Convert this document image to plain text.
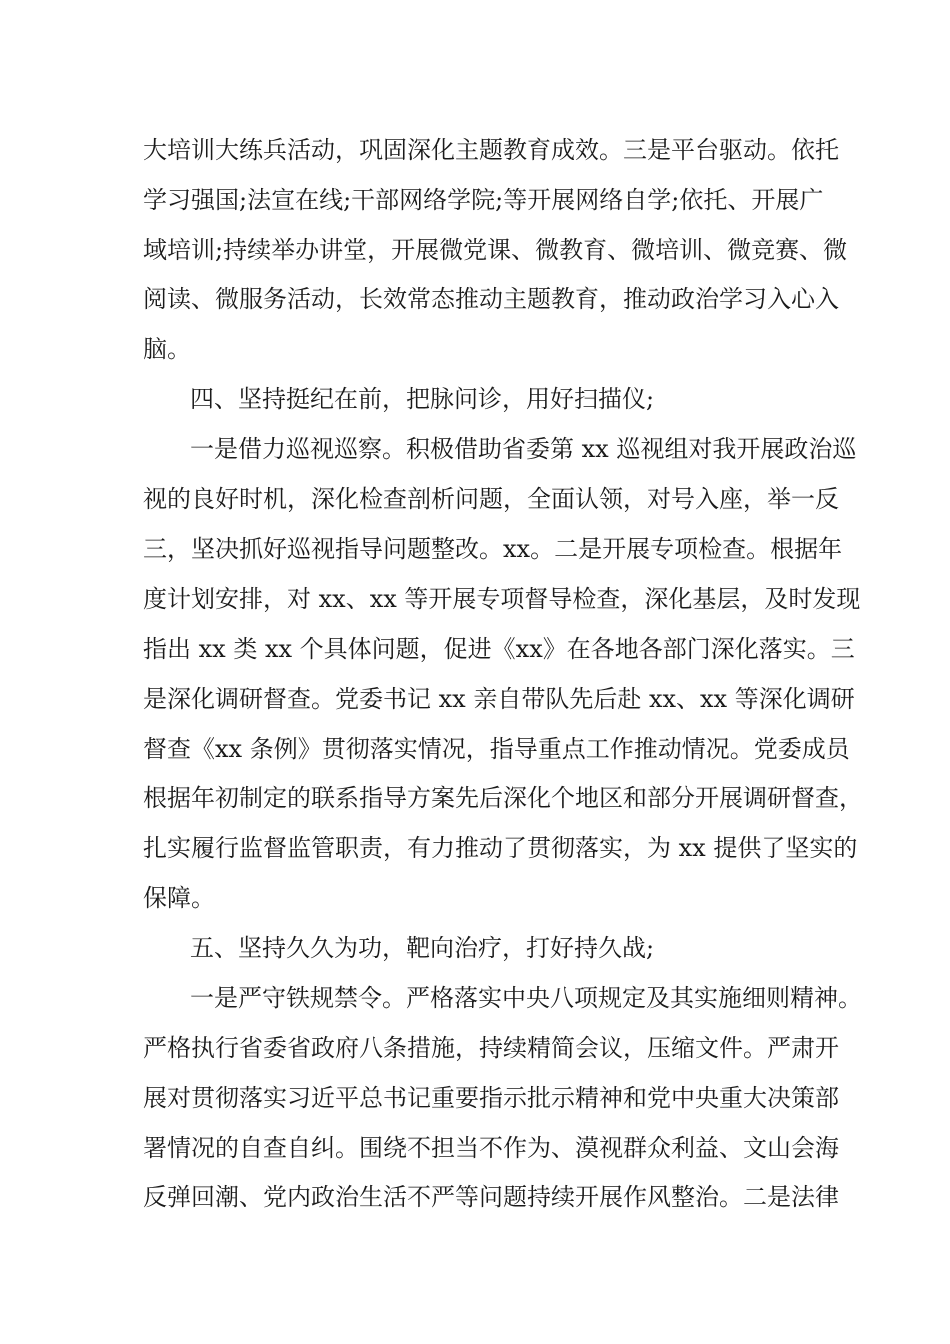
大培训大练兵活动，巩固深化主题教育成效。三是平台驱动。依托
学习强国;法宣在线;干部网络学院;等开展网络自学;依托、开展广
域培训;持续举办讲堂，开展微党课、微教育、微培训、微竞赛、微
阅读、微服务活动，长效常态推动主题教育，推动政治学习入心入
脑。
四、坚持挺纪在前，把脉问诊，用好扫描仪;
一是借力巡视巡察。积极借助省委第 xx 巡视组对我开展政治巡
视的良好时机，深化检查剖析问题，全面认领，对号入座，举一反
三，坚决抓好巡视指导问题整改。xx。二是开展专项检查。根据年
度计划安排，对 xx、xx 等开展专项督导检查，深化基层，及时发现
指出 xx 类 xx 个具体问题，促进《xx》在各地各部门深化落实。三
是深化调研督查。党委书记 xx 亲自带队先后赴 xx、xx 等深化调研
督查《xx 条例》贯彻落实情况，指导重点工作推动情况。党委成员
根据年初制定的联系指导方案先后深化个地区和部分开展调研督查，
扎实履行监督监管职责，有力推动了贯彻落实，为 xx 提供了坚实的
保障。
五、坚持久久为功，靶向治疗，打好持久战;
一是严守铁规禁令。严格落实中央八项规定及其实施细则精神。
严格执行省委省政府八条措施，持续精简会议，压缩文件。严肃开
展对贯彻落实习近平总书记重要指示批示精神和党中央重大决策部
署情况的自查自纠。围绕不担当不作为、漠视群众利益、文山会海
反弹回潮、党内政治生活不严等问题持续开展作风整治。二是法律
